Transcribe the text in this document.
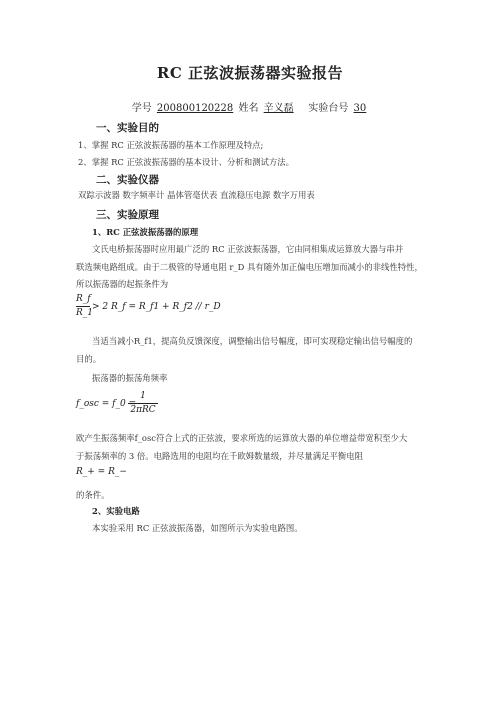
RC 正弦波振荡器实验报告
学号 200800120228 姓名 辛义磊 实验台号 30
一、实验目的
1、掌握 RC 正弦波振荡器的基本工作原理及特点;
2、掌握 RC 正弦波振荡器的基本设计、分析和测试方法。
二、实验仪器
双踪示波器 数字频率计 晶体管毫伏表 直流稳压电源 数字万用表
三、实验原理
1、RC 正弦波振荡器的原理
文氏电桥振荡器时应用最广泛的 RC 正弦波振荡器，它由同相集成运算放大器与串并
联选频电路组成。由于二极管的导通电阻 r_D 具有随外加正偏电压增加而减小的非线性特性，
所以振荡器的起振条件为
R_f
R_1
> 2 R_f = R_f1 + R_f2 // r_D
当适当减小R_f1，提高负反馈深度，调整输出信号幅度，即可实现稳定输出信号幅度的
目的。
振荡器的振荡角频率
f_osc = f_0 =
1
2πRC
欧产生振荡频率f_osc符合上式的正弦波，要求所选的运算放大器的单位增益带宽积至少大
于振荡频率的 3 倍。电路选用的电阻均在千欧姆数量级，并尽量满足平衡电阻
R_+ = R_−
的条件。
2、实验电路
本实验采用 RC 正弦波振荡器，如图所示为实验电路图。
